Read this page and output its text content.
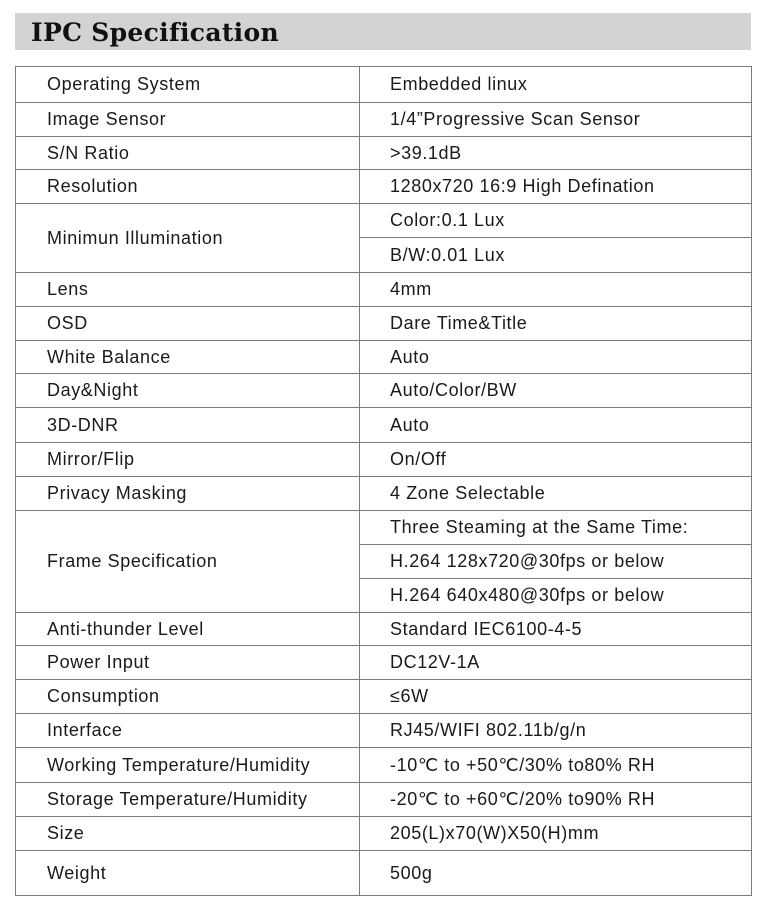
IPC Specification
Operating System	Embedded linux
Image Sensor	1/4”Progressive Scan Sensor
S/N Ratio	>39.1dB
Resolution	1280x720 16:9 High Defination
Minimun Illumination	Color:0.1 Lux
	B/W:0.01 Lux
Lens	4mm
OSD	Dare Time&Title
White Balance	Auto
Day&Night	Auto/Color/BW
3D-DNR	Auto
Mirror/Flip	On/Off
Privacy Masking	4 Zone Selectable
Frame Specification	Three Steaming at the Same Time:
	H.264 128x720@30fps or below
	H.264 640x480@30fps or below
Anti-thunder Level	Standard IEC6100-4-5
Power Input	DC12V-1A
Consumption	≤6W
Interface	RJ45/WIFI 802.11b/g/n
Working Temperature/Humidity	-10℃ to +50℃/30% to80% RH
Storage Temperature/Humidity	-20℃ to +60℃/20% to90% RH
Size	205(L)x70(W)X50(H)mm
Weight	500g
